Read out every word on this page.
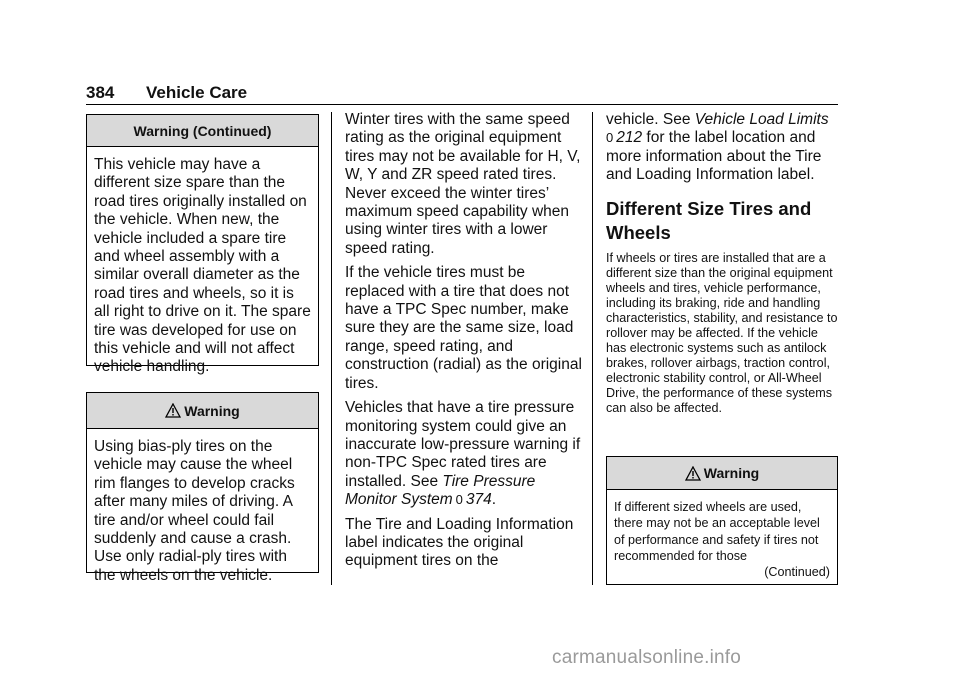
384 Vehicle Care
Warning (Continued)
This vehicle may have a different size spare than the road tires originally installed on the vehicle. When new, the vehicle included a spare tire and wheel assembly with a similar overall diameter as the road tires and wheels, so it is all right to drive on it. The spare tire was developed for use on this vehicle and will not affect vehicle handling.
Warning
Using bias-ply tires on the vehicle may cause the wheel rim flanges to develop cracks after many miles of driving. A tire and/or wheel could fail suddenly and cause a crash. Use only radial-ply tires with the wheels on the vehicle.

Winter tires with the same speed rating as the original equipment tires may not be available for H, V, W, Y and ZR speed rated tires. Never exceed the winter tires’ maximum speed capability when using winter tires with a lower speed rating.

If the vehicle tires must be replaced with a tire that does not have a TPC Spec number, make sure they are the same size, load range, speed rating, and construction (radial) as the original tires.

Vehicles that have a tire pressure monitoring system could give an inaccurate low-pressure warning if non-TPC Spec rated tires are installed. See Tire Pressure Monitor System 0 374.

The Tire and Loading Information label indicates the original equipment tires on the

vehicle. See Vehicle Load Limits
0 212 for the label location and more information about the Tire and Loading Information label.

Different Size Tires and Wheels

If wheels or tires are installed that are a different size than the original equipment wheels and tires, vehicle performance, including its braking, ride and handling characteristics, stability, and resistance to rollover may be affected. If the vehicle has electronic systems such as antilock brakes, rollover airbags, traction control, electronic stability control, or All-Wheel Drive, the performance of these systems can also be affected.

Warning

If different sized wheels are used, there may not be an acceptable level of performance and safety if tires not recommended for those

(Continued)

carmanualsonline.info
